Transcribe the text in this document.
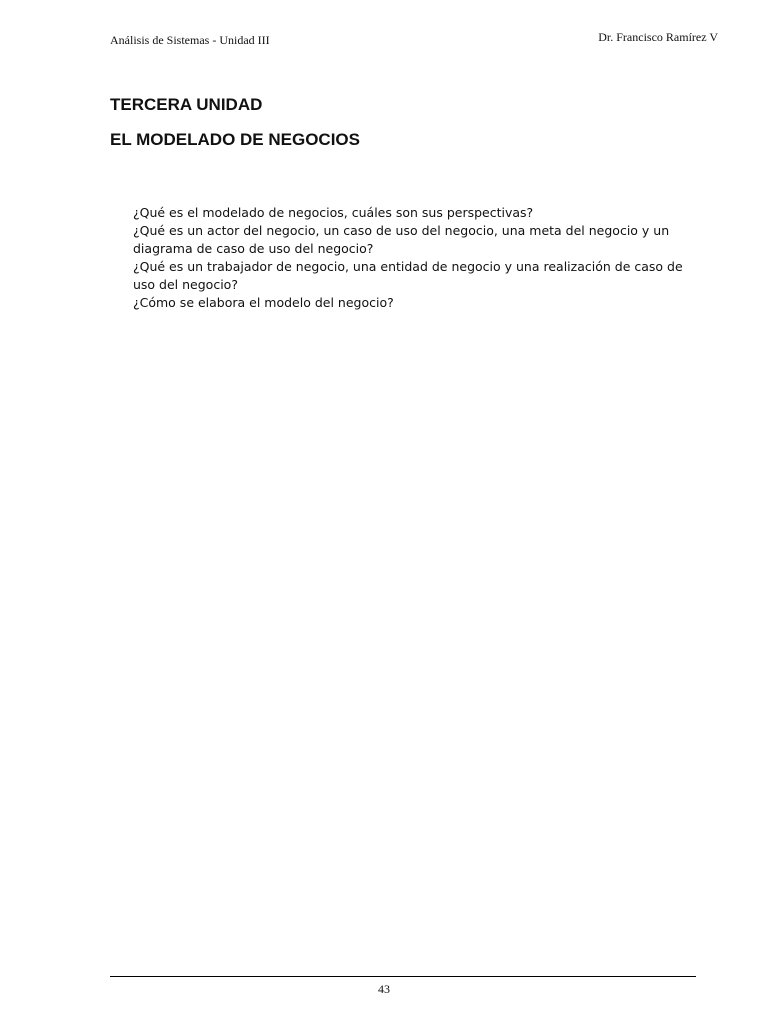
Análisis de Sistemas - Unidad III	Dr. Francisco Ramírez V
TERCERA UNIDAD
EL MODELADO DE NEGOCIOS

¿Qué es el modelado de negocios, cuáles son sus perspectivas?

¿Qué es un actor del negocio, un caso de uso del negocio, una meta del negocio y un diagrama de caso de uso del negocio?

¿Qué es un trabajador de negocio, una entidad de negocio y una realización de caso de uso del negocio?

¿Cómo se elabora el modelo del negocio?

43
